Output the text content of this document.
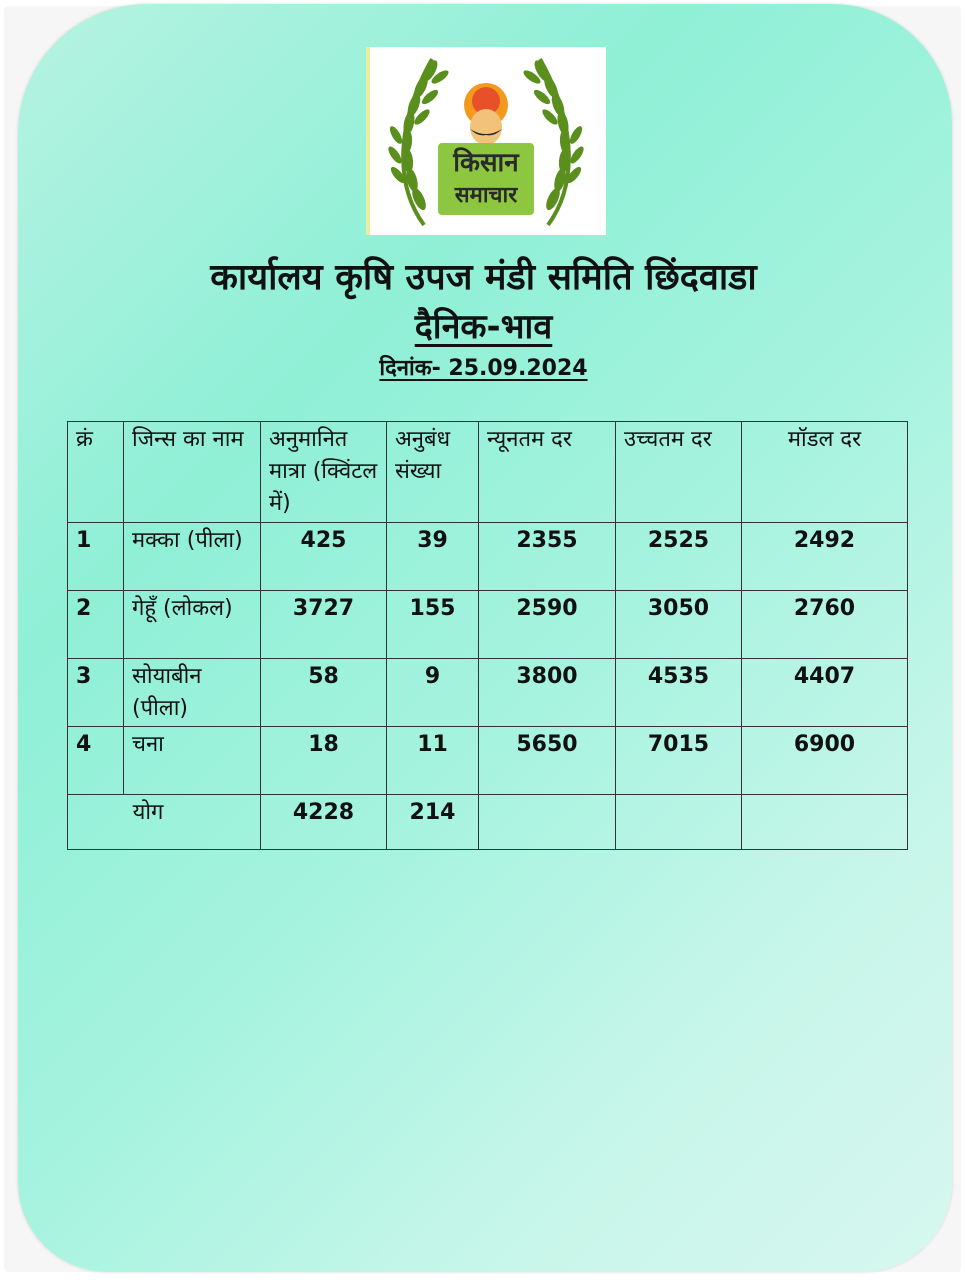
किसान
समाचार
कार्यालय कृषि उपज मंडी समिति छिंदवाडा
दैनिक-भाव
दिनांक- 25.09.2024
क्रं	जिन्स का नाम	अनुमानित मात्रा (क्विंटल में)	अनुबंध संख्या	न्यूनतम दर	उच्चतम दर	मॉडल दर
1	मक्का (पीला)	425	39	2355	2525	2492
2	गेहूँ (लोकल)	3727	155	2590	3050	2760
3	सोयाबीन (पीला)	58	9	3800	4535	4407
4	चना	18	11	5650	7015	6900
योग		4228	214			
